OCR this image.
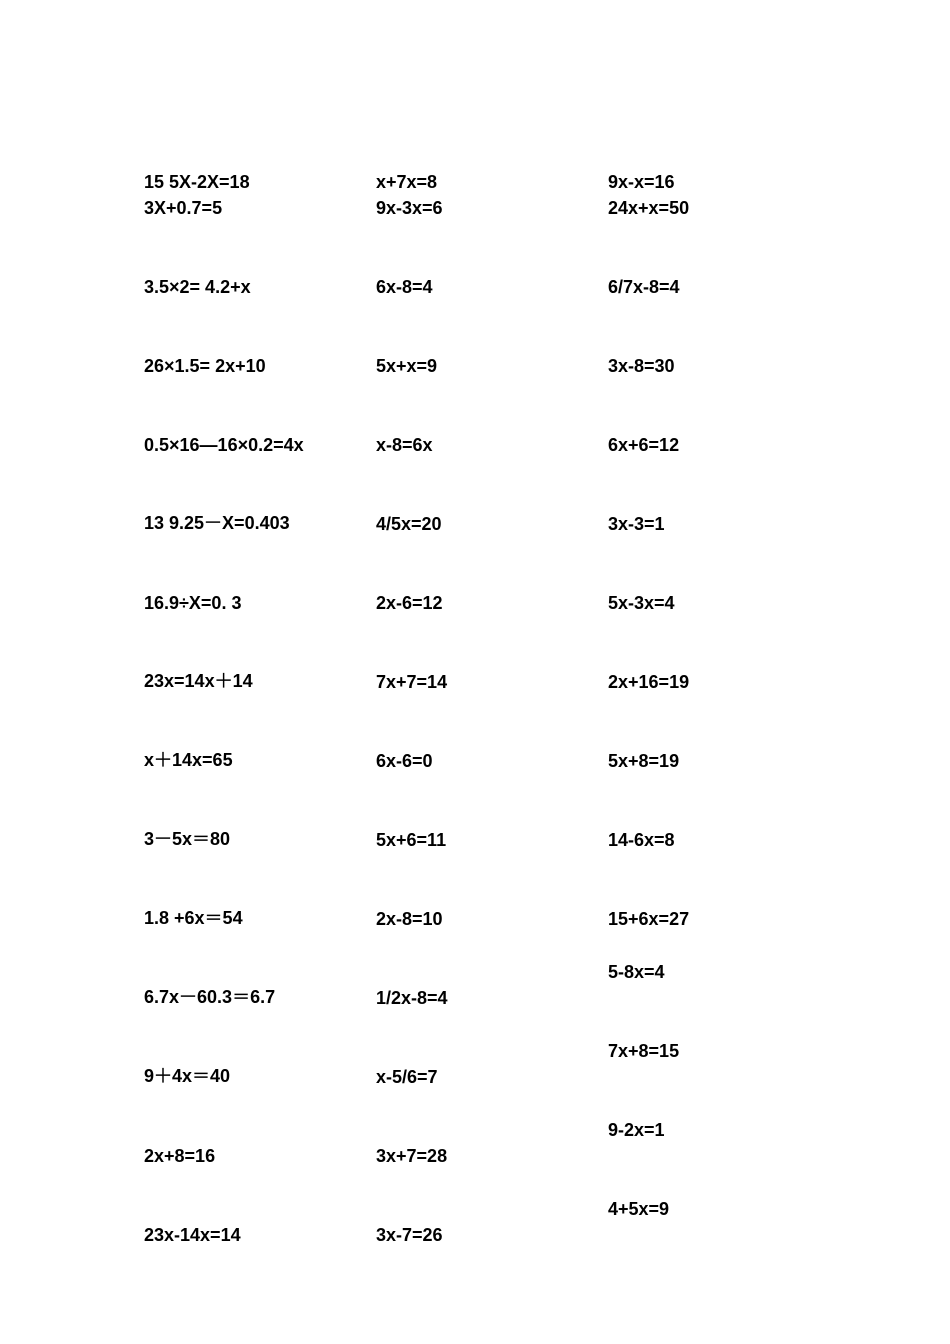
15 5X-2X=18
3X+0.7=5
3.5×2= 4.2+x
26×1.5= 2x+10
0.5×16—16×0.2=4x
13 9.25－X=0.403
16.9÷X=0. 3
23x=14x＋14
x＋14x=65
3－5x＝80
1.8 +6x＝54
6.7x－60.3＝6.7
9＋4x＝40
2x+8=16
23x-14x=14
x+7x=8
9x-3x=6
6x-8=4
5x+x=9
x-8=6x
4/5x=20
2x-6=12
7x+7=14
6x-6=0
5x+6=11
2x-8=10
1/2x-8=4
x-5/6=7
3x+7=28
3x-7=26
9x-x=16
24x+x=50
6/7x-8=4
3x-8=30
6x+6=12
3x-3=1
5x-3x=4
2x+16=19
5x+8=19
14-6x=8
15+6x=27
5-8x=4
7x+8=15
9-2x=1
4+5x=9
